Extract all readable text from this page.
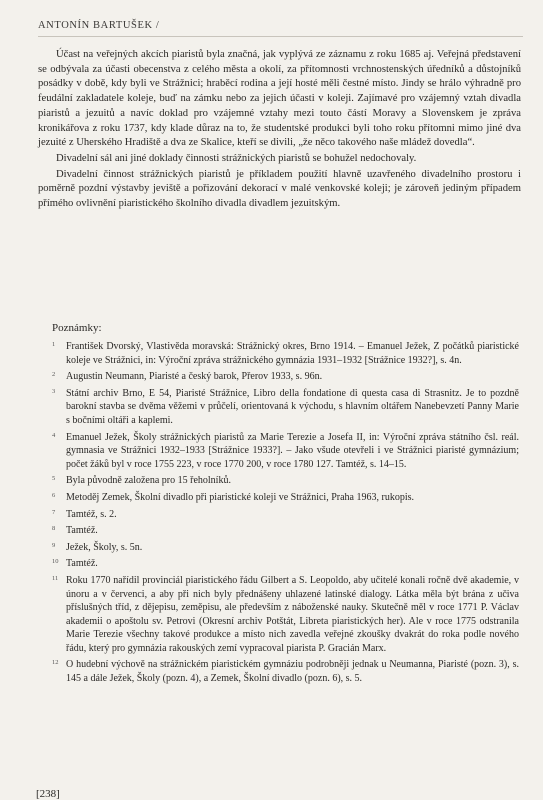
ANTONÍN BARTUŠEK /

Účast na veřejných akcích piaristů byla značná, jak vyplývá ze záznamu z roku 1685 aj. Veřejná představení se odbývala za účasti obecenstva z celého města a okolí, za přítomnosti vrchnostenských úředníků a důstojníků posádky v době, kdy byli ve Strážnici; hraběcí rodina a její hosté měli čestné místo. Jindy se hrálo výhradně pro feudální zakladatele koleje, buď na zámku nebo za jejich účasti v koleji. Zajímavé pro vzájemný vztah divadla piaristů a jezuitů a navíc doklad pro vzájemné vztahy mezi touto částí Moravy a Slovenskem je zpráva kronikářova z roku 1737, kdy klade důraz na to, že studentské produkci byli toho roku přítomni mimo jiné dva jezuité z Uherského Hradiště a dva ze Skalice, kteří se divili, „že něco takového naše mládež dovedla“.

Divadelní sál ani jiné doklady činnosti strážnických piaristů se bohužel nedochovaly.

Divadelní činnost strážnických piaristů je příkladem použití hlavně uzavřeného divadelního prostoru i poměrně pozdní výstavby jeviště a pořizování dekorací v malé venkovské koleji; je zároveň jediným případem přímého ovlivnění piaristického školního divadla divadlem jezuitským.

Poznámky:
1	František Dvorský, Vlastivěda moravská: Strážnický okres, Brno 1914. – Emanuel Ježek, Z počátků piaristické koleje ve Strážnici, in: Výroční zpráva strážnického gymnázia 1931–1932 [Strážnice 1932?], s. 4n.
2	Augustin Neumann, Piaristé a český barok, Přerov 1933, s. 96n.
3	Státní archiv Brno, E 54, Piaristé Strážnice, Libro della fondatione di questa casa di Strasnitz. Je to pozdně barokní stavba se dvěma věžemi v průčelí, orientovaná k východu, s hlavním oltářem Nanebevzetí Panny Marie s bočními oltáři a kaplemi.
4	Emanuel Ježek, Školy strážnických piaristů za Marie Terezie a Josefa II, in: Výroční zpráva státního čsl. reál. gymnasia ve Strážnici 1932–1933 [Strážnice 1933?]. – Jako všude otevřeli i ve Strážnici piaristé gymnázium; počet žáků byl v roce 1755 223, v roce 1770 200, v roce 1780 127. Tamtéž, s. 14–15.
5	Byla původně založena pro 15 řeholníků.
6	Metoděj Zemek, Školní divadlo při piaristické koleji ve Strážnici, Praha 1963, rukopis.
7	Tamtéž, s. 2.
8	Tamtéž.
9	Ježek, Školy, s. 5n.
10 Tamtéž.
11 Roku 1770 nařídil provinciál piaristického řádu Gilbert a S. Leopoldo, aby učitelé konali ročně dvě akademie, v únoru a v červenci, a aby při nich byly přednášeny uhlazené latinské dialogy. Látka měla být brána z učiva příslušných tříd, z dějepisu, zeměpisu, ale především z náboženské nauky. Skutečně měl v roce 1771 P. Václav akademii o apoštolu sv. Petrovi (Okresní archiv Potštát, Libreta piaristických her). Ale v roce 1775 odstranila Marie Terezie všechny takové produkce a místo nich zavedla veřejné zkoušky dvakrát do roka podle nového řádu, který pro gymnázia rakouských zemí vypracoval piarista P. Gracián Marx.
12 O hudební výchově na strážnickém piaristickém gymnáziu podrobněji jednak u Neumanna, Piaristé (pozn. 3), s. 145 a dále Ježek, Školy (pozn. 4), a Zemek, Školní divadlo (pozn. 6), s. 5.
[238]
